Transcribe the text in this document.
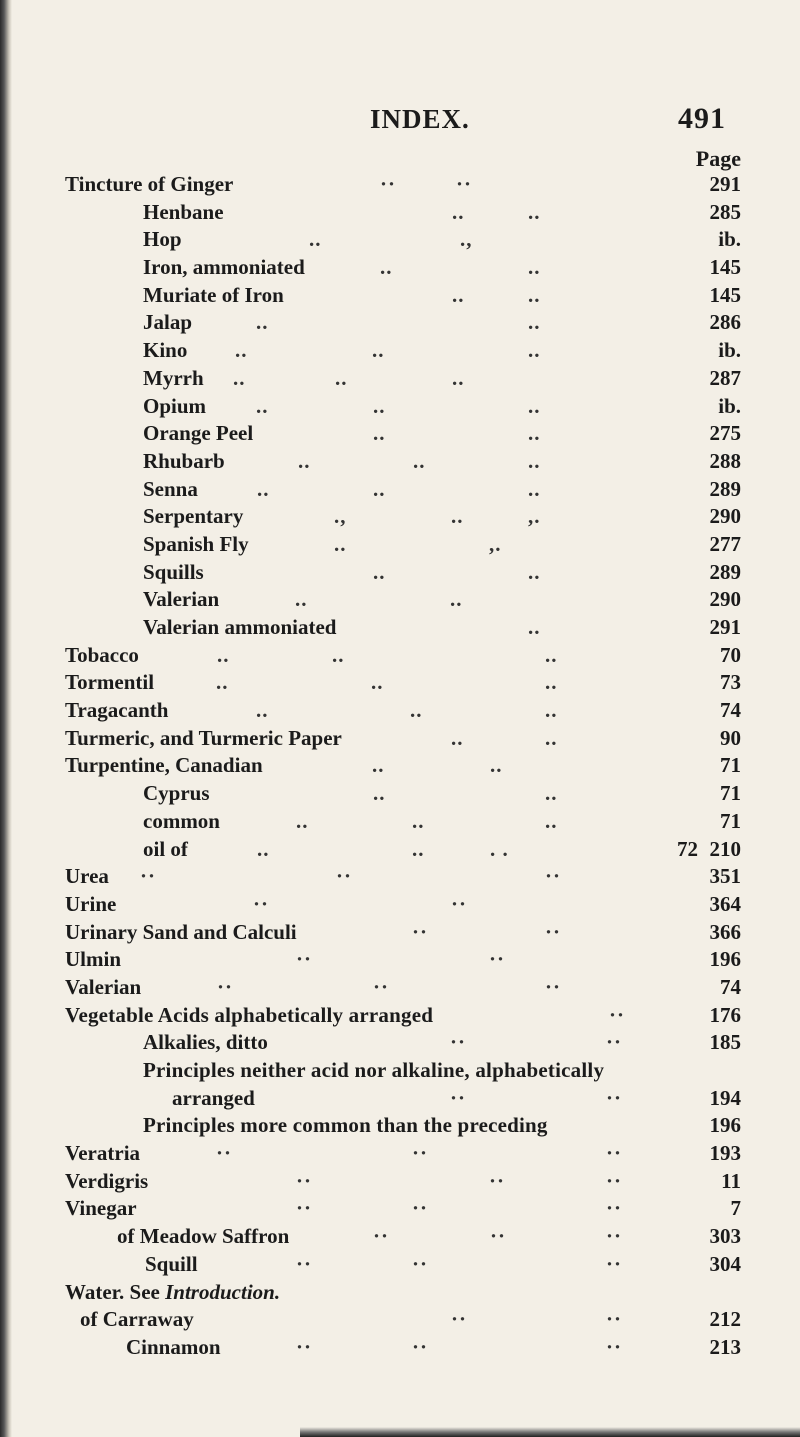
INDEX.	491
Page
Tincture of Ginger	··	··	291
Henbane	..	..	285
Hop	..	.,	ib.
Iron, ammoniated	..	..	145
Muriate of Iron	..	..	145
Jalap	..	..	286
Kino ..	..	..	ib.
Myrrh ..	..	..	287
Opium ..	..	..	ib.
Orange Peel	..	..	275
Rhubarb	..	..	..	288
Senna	..	..	..	289
Serpentary	.,	..	,.	290
Spanish Fly	..	,.	277
Squills	..	..	289
Valerian	..	..	290
Valerian ammoniated	..	291
Tobacco	..	..	..	70
Tormentil	..	..	..	73
Tragacanth	..	..	..	74
Turmeric, and Turmeric Paper	..	..	90
Turpentine, Canadian	..	..	71
Cyprus	..	..	71
common	..	..	..	71
oil of	..	..	. .	72 210
Urea ··	··	··	351
Urine	··	··	364
Urinary Sand and Calculi	··	··	366
Ulmin	··	··	196
Valerian	··	··	··	74
Vegetable Acids alphabetically arranged	··	176
Alkalies, ditto	··	··	185
Principles neither acid nor alkaline, alphabetically
arranged	··	··	194
Principles more common than the preceding	196
Veratria	··	··	··	193
Verdigris	··	··	··	11
Vinegar	··	··	··	7
of Meadow Saffron	··	··	··	303
Squill	··	··	··	304
Water. See Introduction.
of Carraway	··	··	212
Cinnamon	··	··	··	213
